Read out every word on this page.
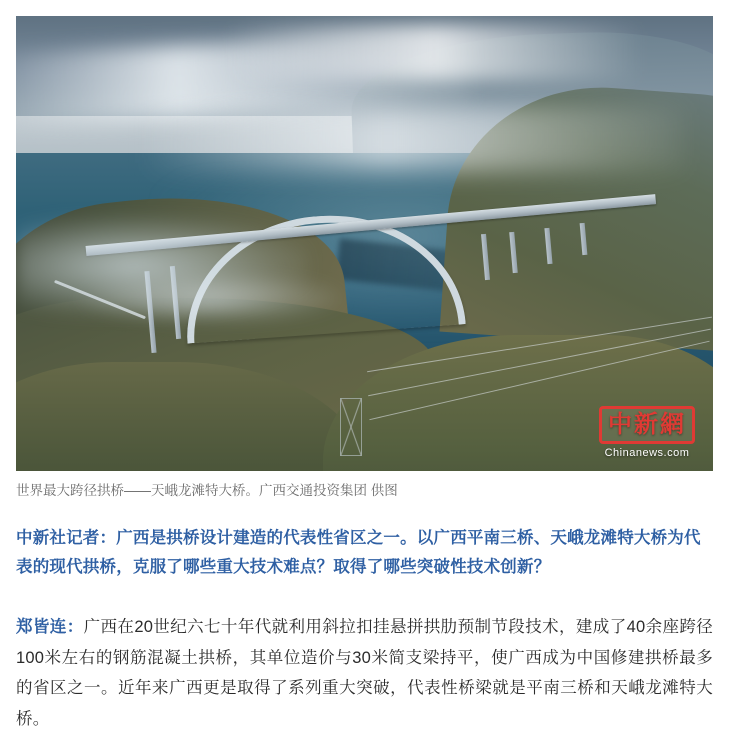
中新網
Chinanews.com
世界最大跨径拱桥——天峨龙滩特大桥。广西交通投资集团 供图
中新社记者：广西是拱桥设计建造的代表性省区之一。以广西平南三桥、天峨龙滩特大桥为代表的现代拱桥，克服了哪些重大技术难点？取得了哪些突破性技术创新？
郑皆连：广西在20世纪六七十年代就利用斜拉扣挂悬拼拱肋预制节段技术，建成了40余座跨径100米左右的钢筋混凝土拱桥，其单位造价与30米简支梁持平，使广西成为中国修建拱桥最多的省区之一。近年来广西更是取得了系列重大突破，代表性桥梁就是平南三桥和天峨龙滩特大桥。
